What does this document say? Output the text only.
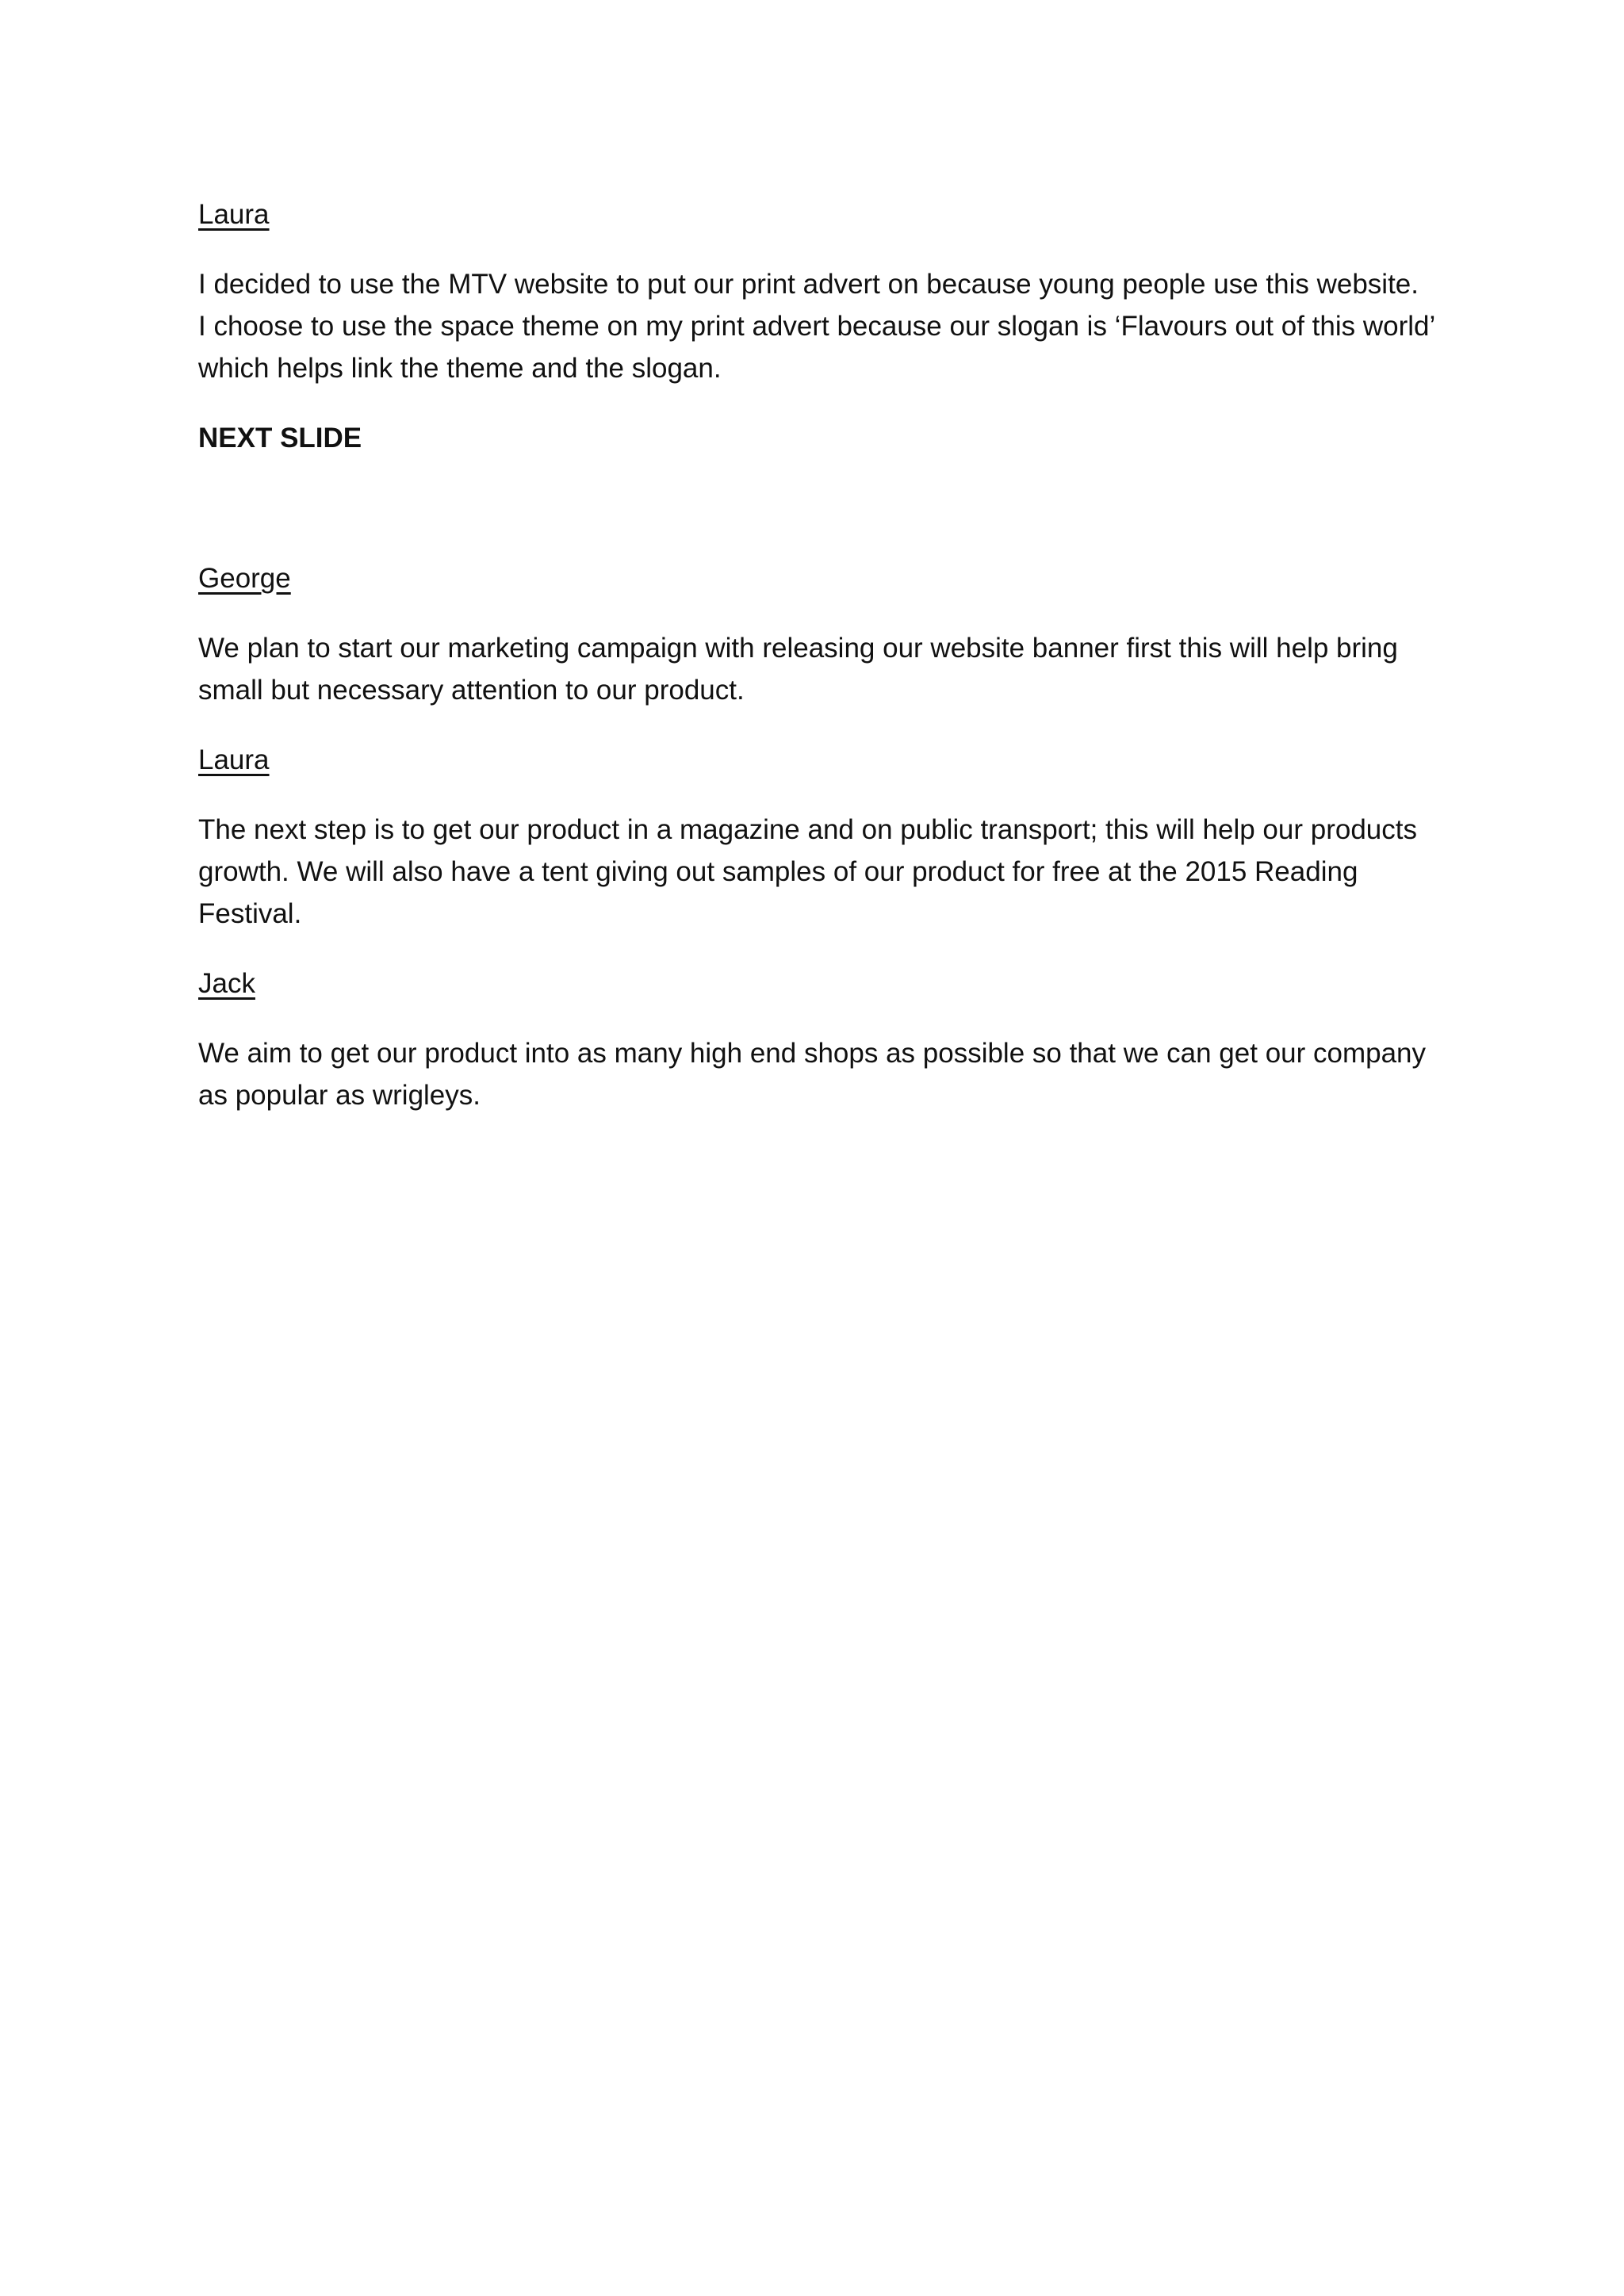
Laura
I decided to use the MTV website to put our print advert on because young people use this website.
I choose to use the space theme on my print advert because our slogan is ‘Flavours out of this world’
which helps link the theme and the slogan.
NEXT SLIDE
George
We plan to start our marketing campaign with releasing our website banner first this will help bring
small but necessary attention to our product.
Laura
The next step is to get our product in a magazine and on public transport; this will help our products
growth. We will also have a tent giving out samples of our product for free at the 2015 Reading
Festival.
Jack
We aim to get our product into as many high end shops as possible so that we can get our company
as popular as wrigleys.
